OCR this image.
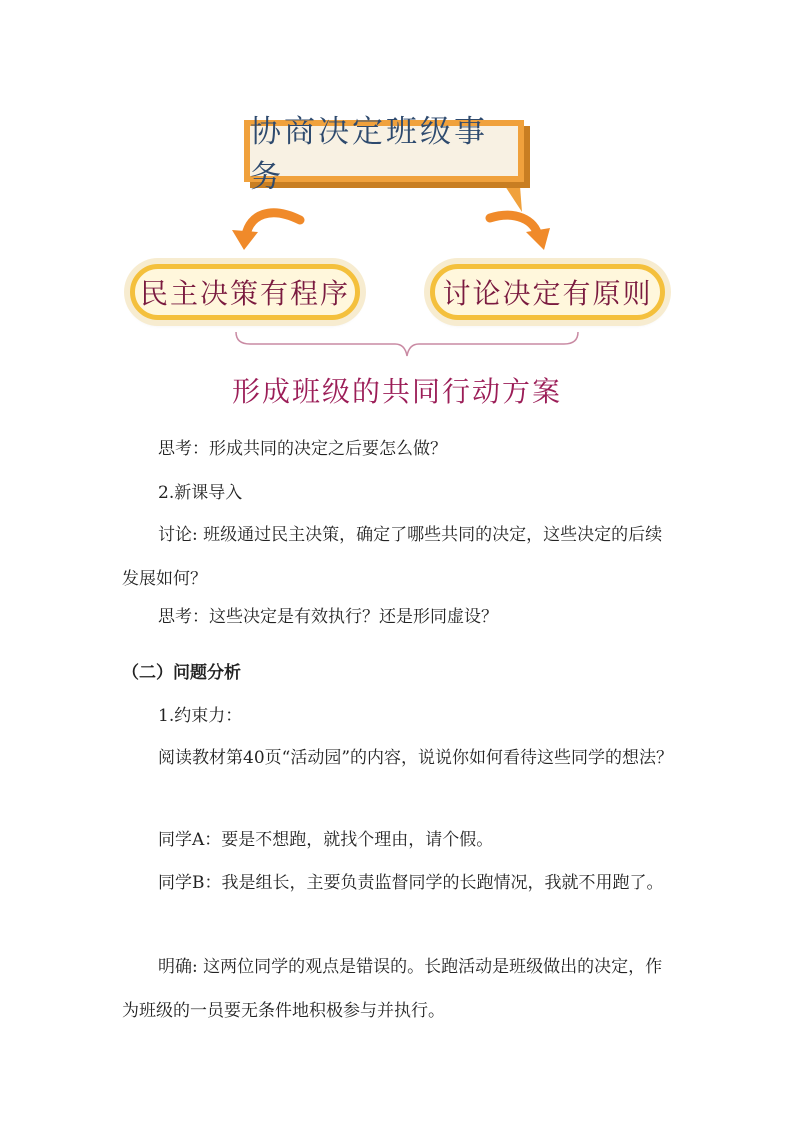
协商决定班级事务
民主决策有程序	讨论决定有原则
形成班级的共同行动方案
思考：形成共同的决定之后要怎么做？
2.新课导入
讨论: 班级通过民主决策，确定了哪些共同的决定，这些决定的后续发展如何？
思考：这些决定是有效执行？还是形同虚设？
（二）问题分析
1.约束力：
阅读教材第40页“活动园”的内容，说说你如何看待这些同学的想法？
同学A：要是不想跑，就找个理由，请个假。
同学B：我是组长，主要负责监督同学的长跑情况，我就不用跑了。
明确: 这两位同学的观点是错误的。长跑活动是班级做出的决定，作为班级的一员要无条件地积极参与并执行。
